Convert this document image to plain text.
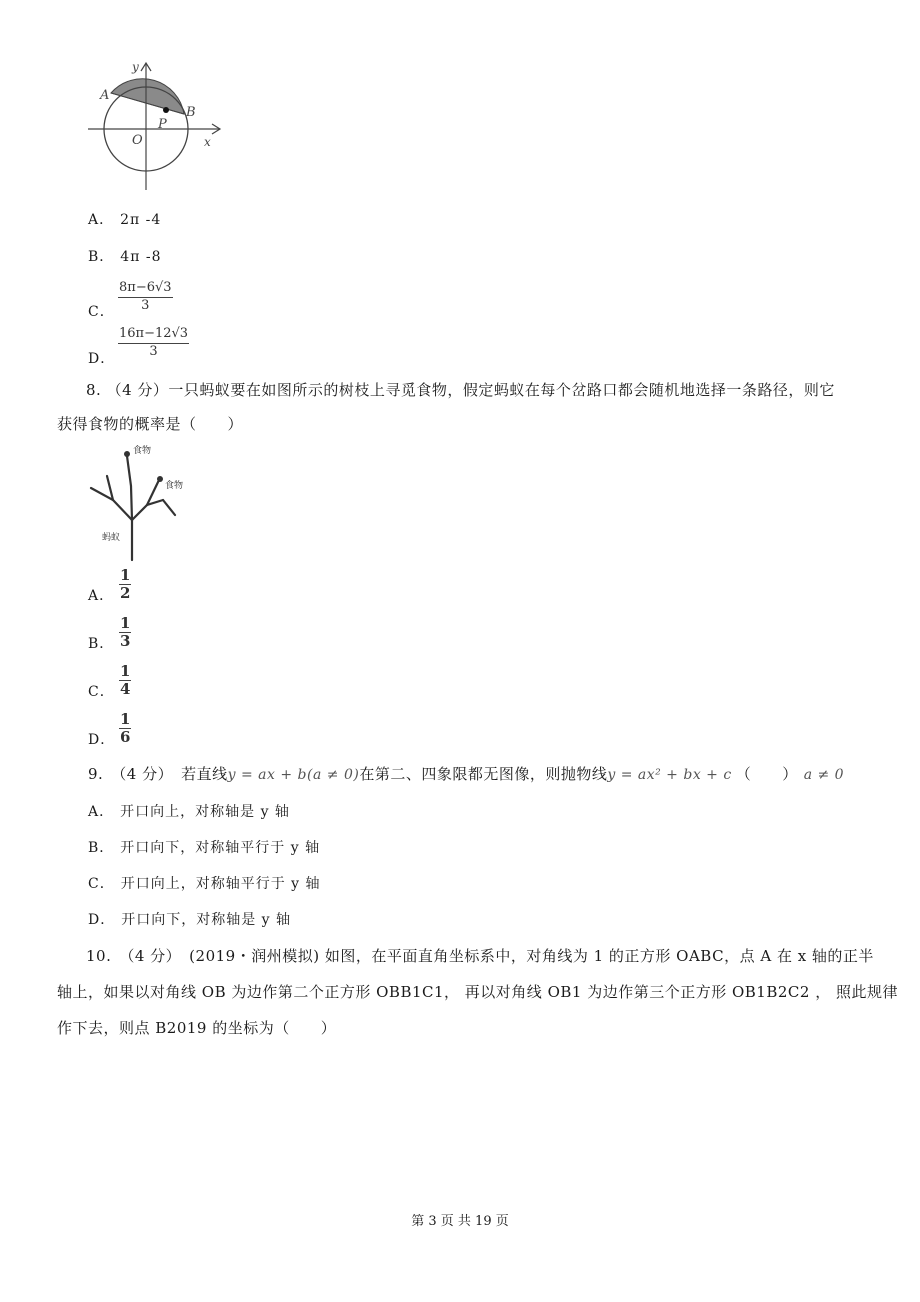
y
A
B
P
O	x
A． 2π -4
B． 4π -8
C． $\frac{8\pi-6√3}{3}$
D． $\frac{16\pi-12√3}{3}$
8. （4 分）一只蚂蚁要在如图所示的树枝上寻觅食物，假定蚂蚁在每个岔路口都会随机地选择一条路径，则它
获得食物的概率是（　　）
食物
食物
蚂蚁
A． $\frac{1}{2}$
B． $\frac{1}{3}$
C． $\frac{1}{4}$
D． $\frac{1}{6}$
9.　（4 分）　若直线y = ax + b(a ≠ 0)在第二、四象限都无图像，则抛物线y = ax² + bx + c （　　） a ≠ 0
A． 开口向上，对称轴是 y 轴
B． 开口向下，对称轴平行于 y 轴
C． 开口向上，对称轴平行于 y 轴
D． 开口向下，对称轴是 y 轴
10.　（4 分）　(2019・润州模拟) 如图，在平面直角坐标系中，对角线为 1 的正方形 OABC，点 A 在 x 轴的正半
轴上，如果以对角线 OB 为边作第二个正方形 OBB1C1， 再以对角线 OB1 为边作第三个正方形 OB1B2C2 ， 照此规律
作下去，则点 B2019 的坐标为（　　）
第 3 页 共 19 页
